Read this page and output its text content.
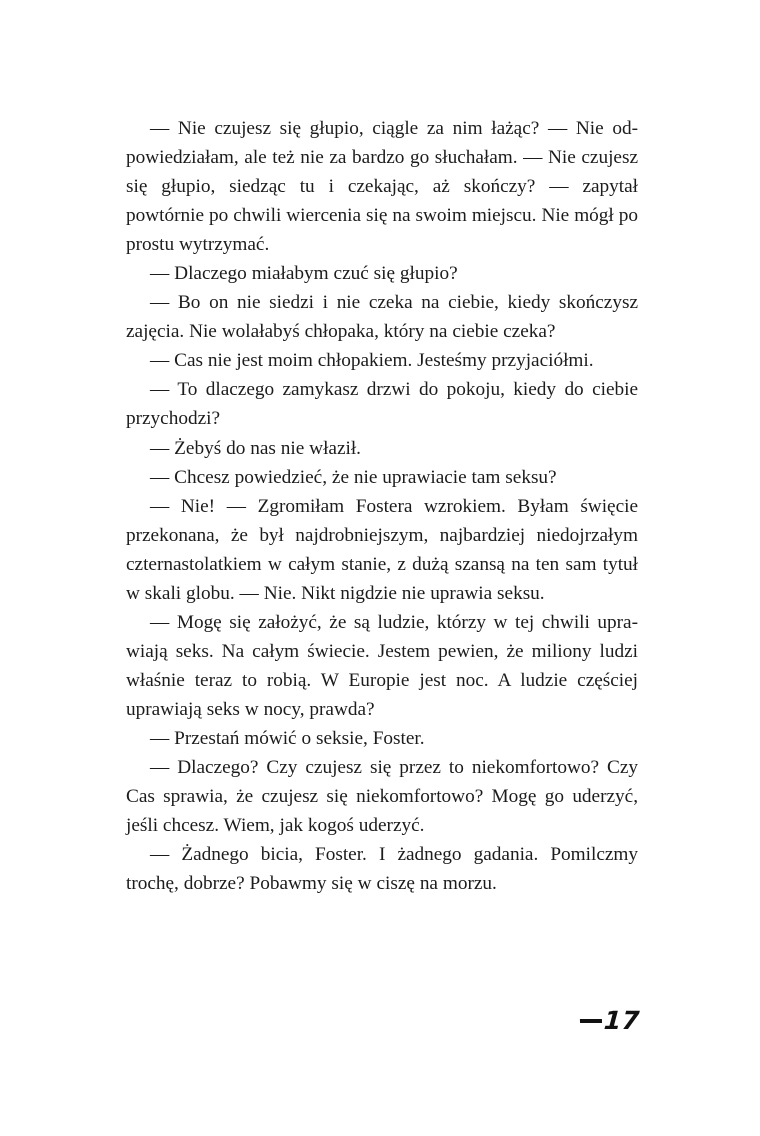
— Nie czujesz się głupio, ciągle za nim łażąc? — Nie odpowiedziałam, ale też nie za bardzo go słuchałam. — Nie czujesz się głupio, siedząc tu i czekając, aż skończy? — zapytał powtórnie po chwili wiercenia się na swoim miejscu. Nie mógł po prostu wytrzymać.

— Dlaczego miałabym czuć się głupio?

— Bo on nie siedzi i nie czeka na ciebie, kiedy skończysz zajęcia. Nie wolałabyś chłopaka, który na ciebie czeka?

— Cas nie jest moim chłopakiem. Jesteśmy przyjaciółmi.

— To dlaczego zamykasz drzwi do pokoju, kiedy do ciebie przychodzi?

— Żebyś do nas nie właził.

— Chcesz powiedzieć, że nie uprawiacie tam seksu?

— Nie! — Zgromiłam Fostera wzrokiem. Byłam święcie przekonana, że był najdrobniejszym, najbardziej niedojrzałym czternastolatkiem w całym stanie, z dużą szansą na ten sam tytuł w skali globu. — Nie. Nikt nigdzie nie uprawia seksu.

— Mogę się założyć, że są ludzie, którzy w tej chwili uprawiają seks. Na całym świecie. Jestem pewien, że miliony ludzi właśnie teraz to robią. W Europie jest noc. A ludzie częściej uprawiają seks w nocy, prawda?

— Przestań mówić o seksie, Foster.

— Dlaczego? Czy czujesz się przez to niekomfortowo? Czy Cas sprawia, że czujesz się niekomfortowo? Mogę go uderzyć, jeśli chcesz. Wiem, jak kogoś uderzyć.

— Żadnego bicia, Foster. I żadnego gadania. Pomilczmy trochę, dobrze? Pobawmy się w ciszę na morzu.

17
